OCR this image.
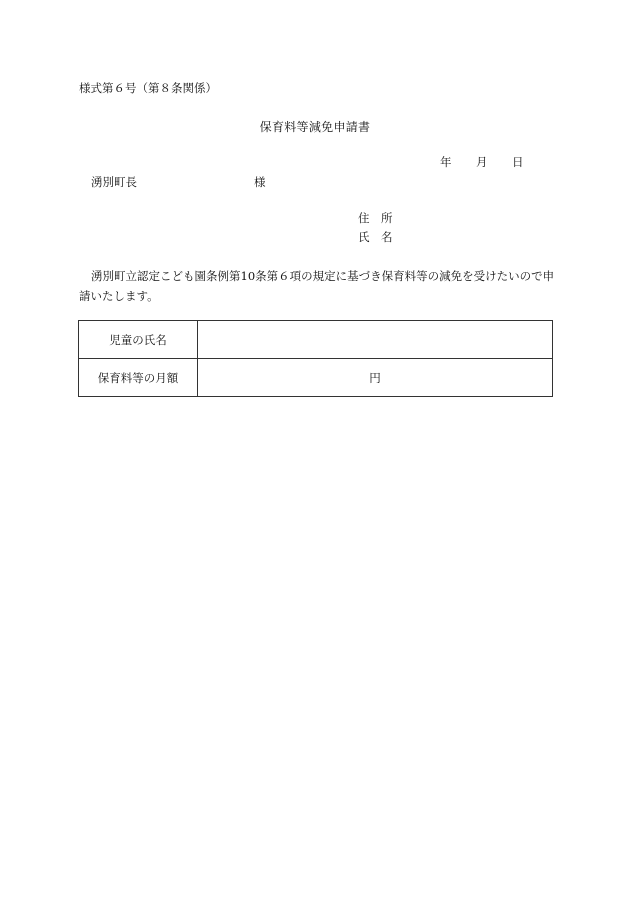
様式第６号（第８条関係）
保育料等減免申請書
年 月 日
湧別町長	様
住　所
氏　名
湧別町立認定こども園条例第10条第６項の規定に基づき保育料等の減免を受けたいので申請いたします。
児童の氏名	
保育料等の月額	円
